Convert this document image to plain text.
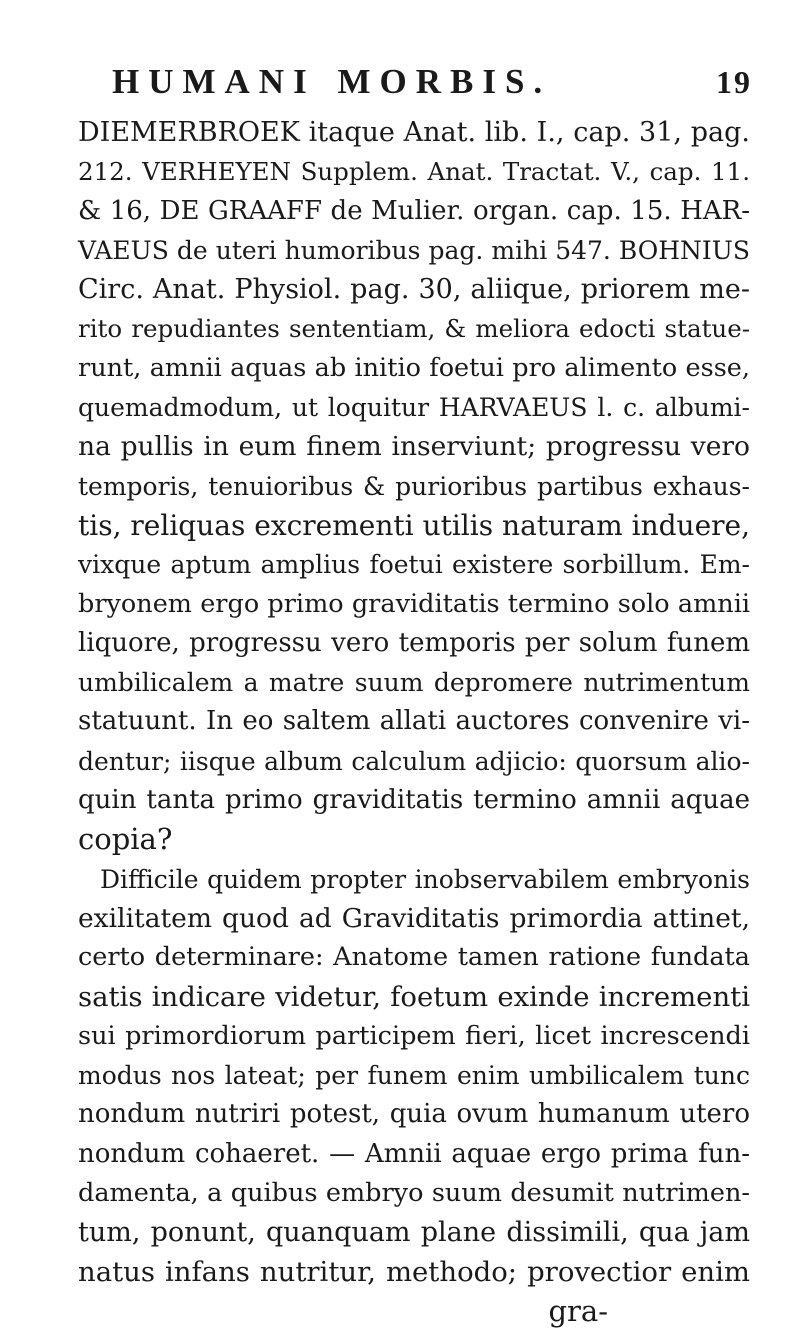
HUMANI MORBIS.	19
DIEMERBROEK itaque Anat. lib. I., cap. 31, pag.
212. VERHEYEN Supplem. Anat. Tractat. V., cap. 11.
& 16, DE GRAAFF de Mulier. organ. cap. 15. HAR-
VAEUS de uteri humoribus pag. mihi 547. BOHNIUS
Circ. Anat. Physiol. pag. 30, aliique, priorem me-
rito repudiantes sententiam, & meliora edocti statue-
runt, amnii aquas ab initio foetui pro alimento esse,
quemadmodum, ut loquitur HARVAEUS l. c. albumi-
na pullis in eum finem inserviunt; progressu vero
temporis, tenuioribus & purioribus partibus exhaus-
tis, reliquas excrementi utilis naturam induere,
vixque aptum amplius foetui existere sorbillum. Em-
bryonem ergo primo graviditatis termino solo amnii
liquore, progressu vero temporis per solum funem
umbilicalem a matre suum depromere nutrimentum
statuunt. In eo saltem allati auctores convenire vi-
dentur; iisque album calculum adjicio: quorsum alio-
quin tanta primo graviditatis termino amnii aquae
copia?
Difficile quidem propter inobservabilem embryonis
exilitatem quod ad Graviditatis primordia attinet,
certo determinare: Anatome tamen ratione fundata
satis indicare videtur, foetum exinde incrementi
sui primordiorum participem fieri, licet increscendi
modus nos lateat; per funem enim umbilicalem tunc
nondum nutriri potest, quia ovum humanum utero
nondum cohaeret. — Amnii aquae ergo prima fun-
damenta, a quibus embryo suum desumit nutrimen-
tum, ponunt, quanquam plane dissimili, qua jam
natus infans nutritur, methodo; provectior enim
gra-
